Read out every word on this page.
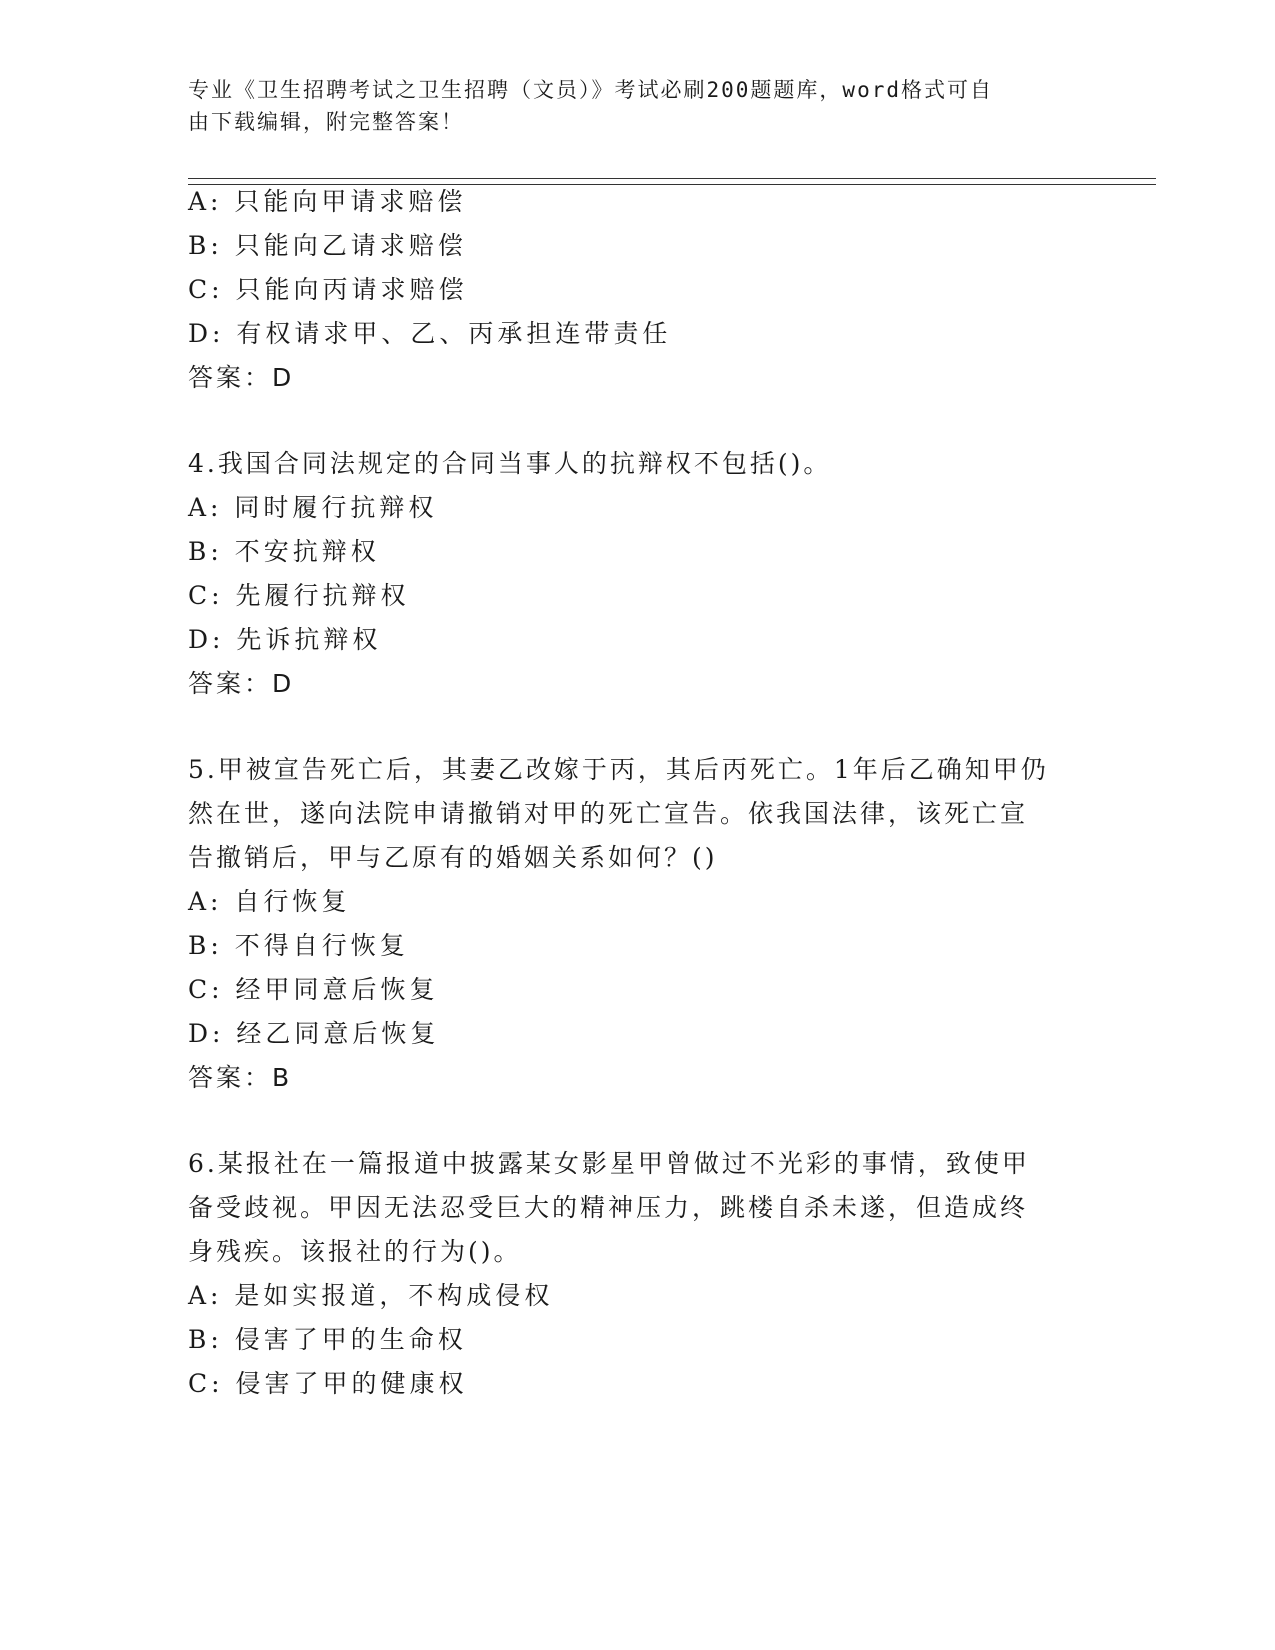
专业《卫生招聘考试之卫生招聘（文员）》考试必刷200题题库，word格式可自
由下载编辑，附完整答案！
A: 只能向甲请求赔偿
B: 只能向乙请求赔偿
C: 只能向丙请求赔偿
D: 有权请求甲、乙、丙承担连带责任
答案：D
4.我国合同法规定的合同当事人的抗辩权不包括()。
A: 同时履行抗辩权
B: 不安抗辩权
C: 先履行抗辩权
D: 先诉抗辩权
答案：D
5.甲被宣告死亡后，其妻乙改嫁于丙，其后丙死亡。1年后乙确知甲仍
然在世，遂向法院申请撤销对甲的死亡宣告。依我国法律，该死亡宣
告撤销后，甲与乙原有的婚姻关系如何？()
A: 自行恢复
B: 不得自行恢复
C: 经甲同意后恢复
D: 经乙同意后恢复
答案：B
6.某报社在一篇报道中披露某女影星甲曾做过不光彩的事情，致使甲
备受歧视。甲因无法忍受巨大的精神压力，跳楼自杀未遂，但造成终
身残疾。该报社的行为()。
A: 是如实报道，不构成侵权
B: 侵害了甲的生命权
C: 侵害了甲的健康权
